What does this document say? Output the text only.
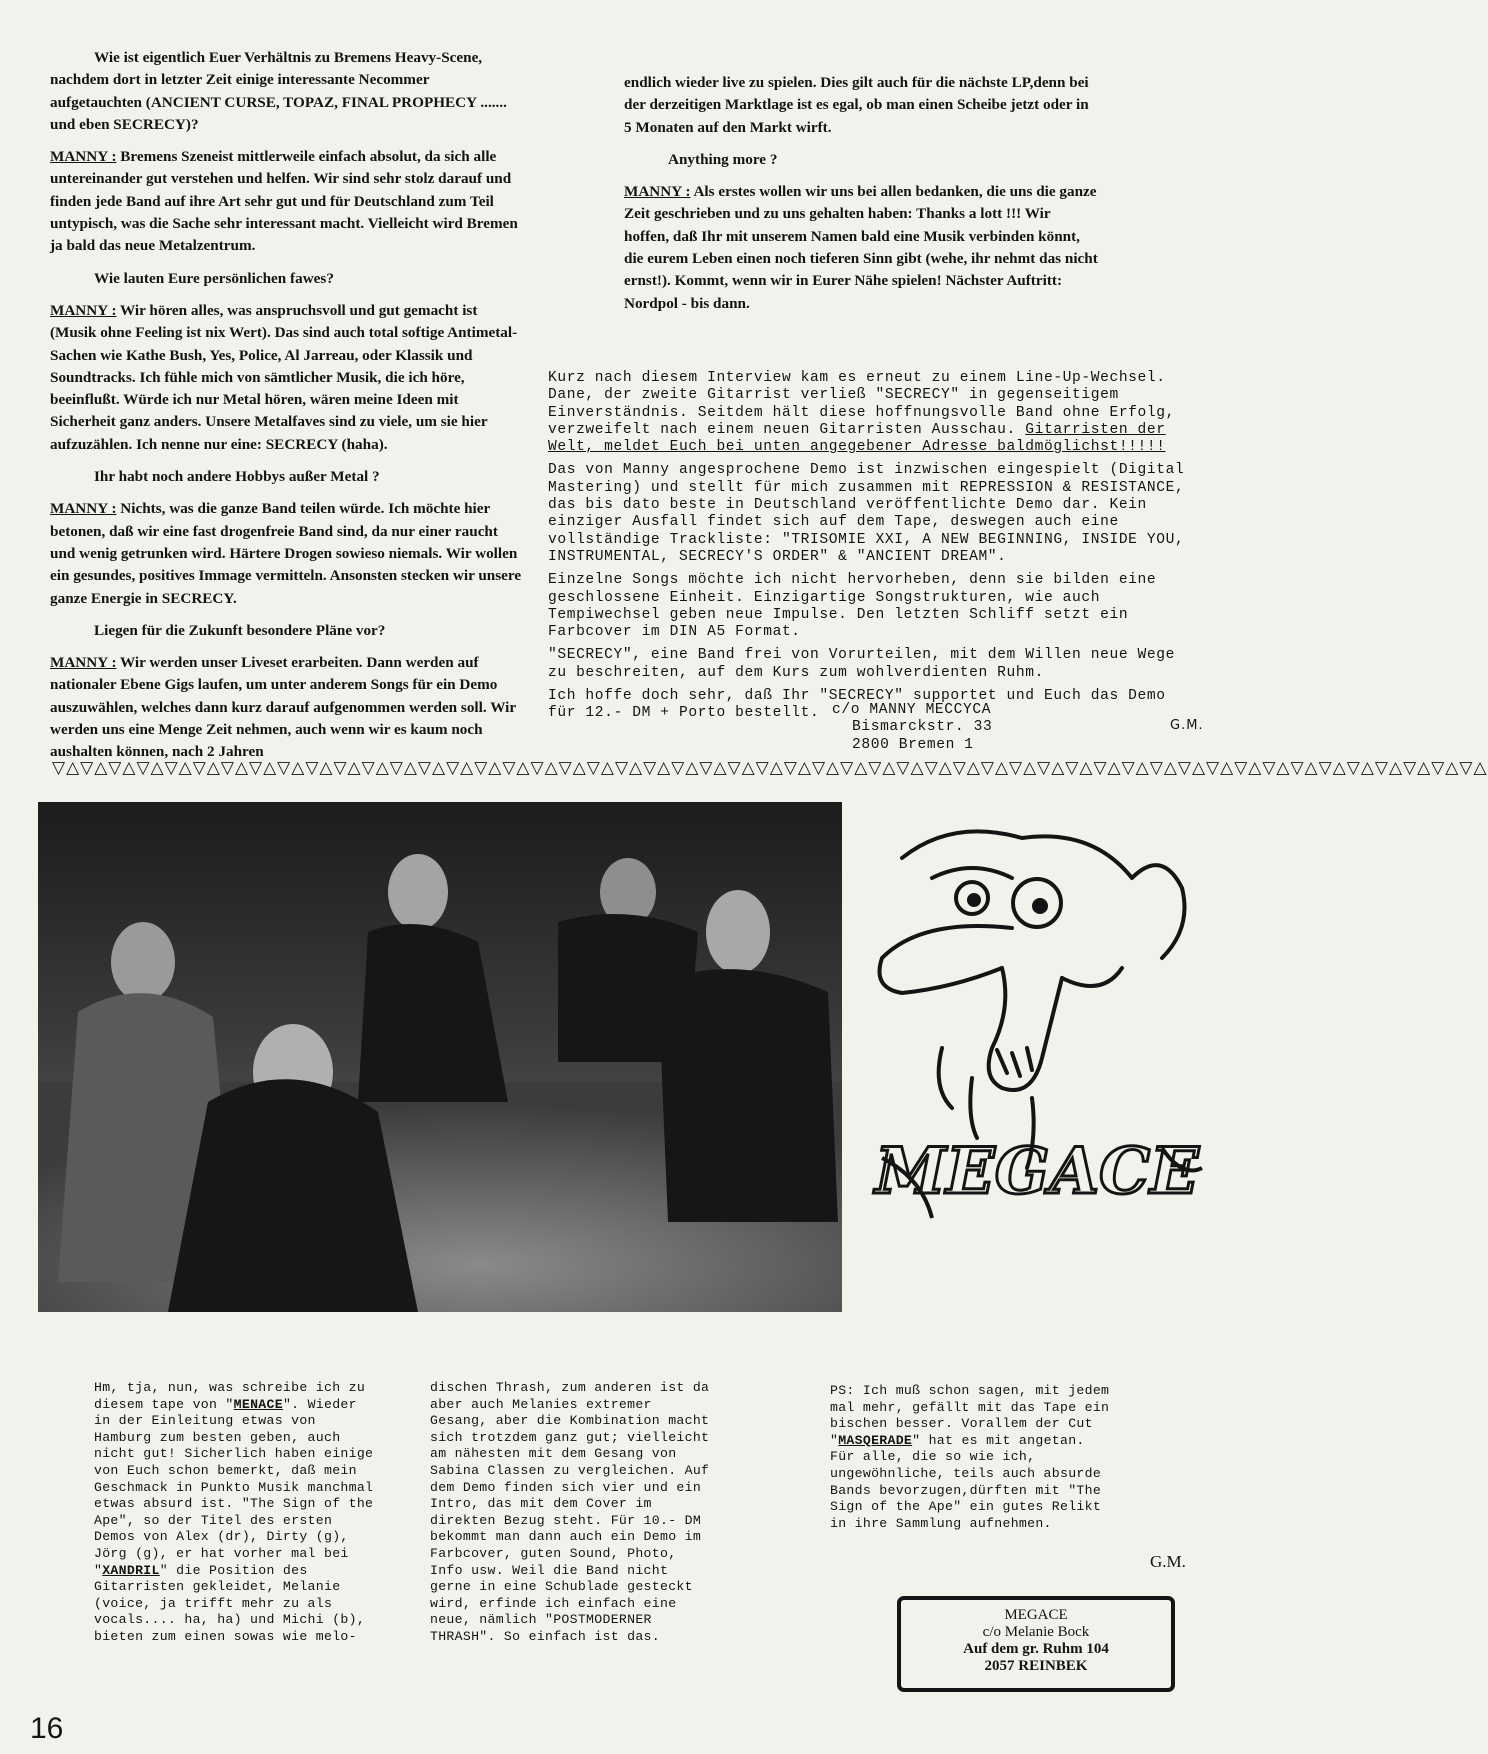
Wie ist eigentlich Euer Verhältnis zu Bremens Heavy-Scene, nachdem dort in letzter Zeit einige interessante Necommer aufgetauchten (ANCIENT CURSE, TOPAZ, FINAL PROPHECY ....... und eben SECRECY)?

MANNY : Bremens Szeneist mittlerweile einfach absolut, da sich alle untereinander gut verstehen und helfen. Wir sind sehr stolz darauf und finden jede Band auf ihre Art sehr gut und für Deutschland zum Teil untypisch, was die Sache sehr interessant macht. Vielleicht wird Bremen ja bald das neue Metalzentrum.

Wie lauten Eure persönlichen fawes?

MANNY : Wir hören alles, was anspruchsvoll und gut gemacht ist (Musik ohne Feeling ist nix Wert). Das sind auch total softige Antimetal-Sachen wie Kathe Bush, Yes, Police, Al Jarreau, oder Klassik und Soundtracks. Ich fühle mich von sämtlicher Musik, die ich höre, beeinflußt. Würde ich nur Metal hören, wären meine Ideen mit Sicherheit ganz anders. Unsere Metalfaves sind zu viele, um sie hier aufzuzählen. Ich nenne nur eine: SECRECY (haha).

Ihr habt noch andere Hobbys außer Metal ?

MANNY : Nichts, was die ganze Band teilen würde. Ich möchte hier betonen, daß wir eine fast drogenfreie Band sind, da nur einer raucht und wenig getrunken wird. Härtere Drogen sowieso niemals. Wir wollen ein gesundes, positives Immage vermitteln. Ansonsten stecken wir unsere ganze Energie in SECRECY.

Liegen für die Zukunft besondere Pläne vor?

MANNY : Wir werden unser Liveset erarbeiten. Dann werden auf nationaler Ebene Gigs laufen, um unter anderem Songs für ein Demo auszuwählen, welches dann kurz darauf aufgenommen werden soll. Wir werden uns eine Menge Zeit nehmen, auch wenn wir es kaum noch aushalten können, nach 2 Jahren

endlich wieder live zu spielen. Dies gilt auch für die nächste LP,denn bei der derzeitigen Marktlage ist es egal, ob man einen Scheibe jetzt oder in 5 Monaten auf den Markt wirft.

Anything more ?

MANNY : Als erstes wollen wir uns bei allen bedanken, die uns die ganze Zeit geschrieben und zu uns gehalten haben: Thanks a lott !!! Wir hoffen, daß Ihr mit unserem Namen bald eine Musik verbinden könnt, die eurem Leben einen noch tieferen Sinn gibt (wehe, ihr nehmt das nicht ernst!). Kommt, wenn wir in Eurer Nähe spielen! Nächster Auftritt: Nordpol - bis dann.

Kurz nach diesem Interview kam es erneut zu einem Line-Up-Wechsel. Dane, der zweite Gitarrist verließ "SECRECY" in gegenseitigem Einverständnis. Seitdem hält diese hoffnungsvolle Band ohne Erfolg, verzweifelt nach einem neuen Gitarristen Ausschau. Gitarristen der Welt, meldet Euch bei unten angegebener Adresse baldmöglichst!!!!!

Das von Manny angesprochene Demo ist inzwischen eingespielt (Digital Mastering) und stellt für mich zusammen mit REPRESSION & RESISTANCE, das bis dato beste in Deutschland veröffentlichte Demo dar. Kein einziger Ausfall findet sich auf dem Tape, deswegen auch eine vollständige Trackliste: "TRISOMIE XXI, A NEW BEGINNING, INSIDE YOU, INSTRUMENTAL, SECRECY'S ORDER" & "ANCIENT DREAM".

Einzelne Songs möchte ich nicht hervorheben, denn sie bilden eine geschlossene Einheit. Einzigartige Songstrukturen, wie auch Tempiwechsel geben neue Impulse. Den letzten Schliff setzt ein Farbcover im DIN A5 Format.

"SECRECY", eine Band frei von Vorurteilen, mit dem Willen neue Wege zu beschreiten, auf dem Kurs zum wohlverdienten Ruhm.

Ich hoffe doch sehr, daß Ihr "SECRECY" supportet und Euch das Demo für 12.- DM + Porto bestellt. c/o MANNY MECCYCA

Bismarckstr. 33

2800 Bremen 1

G.M.
▽△▽△▽△▽△▽△▽△▽△▽△▽△▽△▽△▽△▽△▽△▽△▽△▽△▽△▽△▽△▽△▽△▽△▽△▽△▽△▽△▽△▽△▽△▽△▽△▽△▽△▽△▽△▽△▽△▽△▽△▽△▽△▽△▽△▽△▽△▽△▽△▽△▽△▽△
MEGACE

Hm, tja, nun, was schreibe ich zu diesem tape von "MENACE". Wieder in der Einleitung etwas von Hamburg zum besten geben, auch nicht gut! Sicherlich haben einige von Euch schon bemerkt, daß mein Geschmack in Punkto Musik manchmal etwas absurd ist. "The Sign of the Ape", so der Titel des ersten Demos von Alex (dr), Dirty (g), Jörg (g), er hat vorher mal bei "XANDRIL" die Position des Gitarristen gekleidet, Melanie (voice, ja trifft mehr zu als vocals.... ha, ha) und Michi (b), bieten zum einen sowas wie melo-

dischen Thrash, zum anderen ist da aber auch Melanies extremer Gesang, aber die Kombination macht sich trotzdem ganz gut; vielleicht am nähesten mit dem Gesang von Sabina Classen zu vergleichen. Auf dem Demo finden sich vier und ein Intro, das mit dem Cover im direkten Bezug steht. Für 10.- DM bekommt man dann auch ein Demo im Farbcover, guten Sound, Photo, Info usw. Weil die Band nicht gerne in eine Schublade gesteckt wird, erfinde ich einfach eine neue, nämlich "POSTMODERNER THRASH". So einfach ist das.

PS: Ich muß schon sagen, mit jedem mal mehr, gefällt mit das Tape ein bischen besser. Vorallem der Cut "MASQERADE" hat es mit angetan. Für alle, die so wie ich, ungewöhnliche, teils auch absurde Bands bevorzugen,dürften mit "The Sign of the Ape" ein gutes Relikt in ihre Sammlung aufnehmen.

G.M.
MEGACE
c/o Melanie Bock
Auf dem gr. Ruhm 104
2057 REINBEK
16
